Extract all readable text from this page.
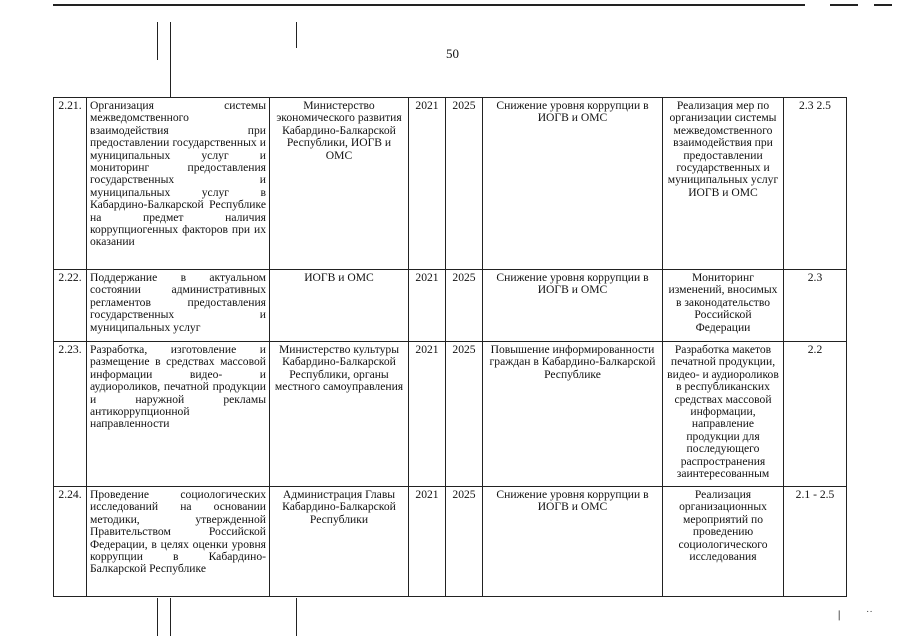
50
2.21.	Организация системы межведомственного взаимодействия при предоставлении государственных и муниципальных услуг и мониторинг предоставления государственных и муниципальных услуг в Кабардино-Балкарской Республике на предмет наличия коррупциогенных факторов при их оказании	Министерство экономического развития Кабардино-Балкарской Республики, ИОГВ и ОМС	2021	2025	Снижение уровня коррупции в ИОГВ и ОМС	Реализация мер по организации системы межведомственного взаимодействия при предоставлении государственных и муниципальных услуг ИОГВ и ОМС	2.3 2.5
2.22.	Поддержание в актуальном состоянии административных регламентов предоставления государственных и муниципальных услуг	ИОГВ и ОМС	2021	2025	Снижение уровня коррупции в ИОГВ и ОМС	Мониторинг изменений, вносимых в законодательство Российской Федерации	2.3
2.23.	Разработка, изготовление и размещение в средствах массовой информации видео- и аудиороликов, печатной продукции и наружной рекламы антикоррупционной направленности	Министерство культуры Кабардино-Балкарской Республики, органы местного самоуправления	2021	2025	Повышение информированности граждан в Кабардино-Балкарской Республике	Разработка макетов печатной продукции, видео- и аудиороликов в республиканских средствах массовой информации, направление продукции для последующего распространения заинтересованным	2.2
2.24.	Проведение социологических исследований на основании методики, утвержденной Правительством Российской Федерации, в целях оценки уровня коррупции в Кабардино-Балкарской Республике	Администрация Главы Кабардино-Балкарской Республики	2021	2025	Снижение уровня коррупции в ИОГВ и ОМС	Реализация организационных мероприятий по проведению социологического исследования	2.1 - 2.5
❘ ˙˙
